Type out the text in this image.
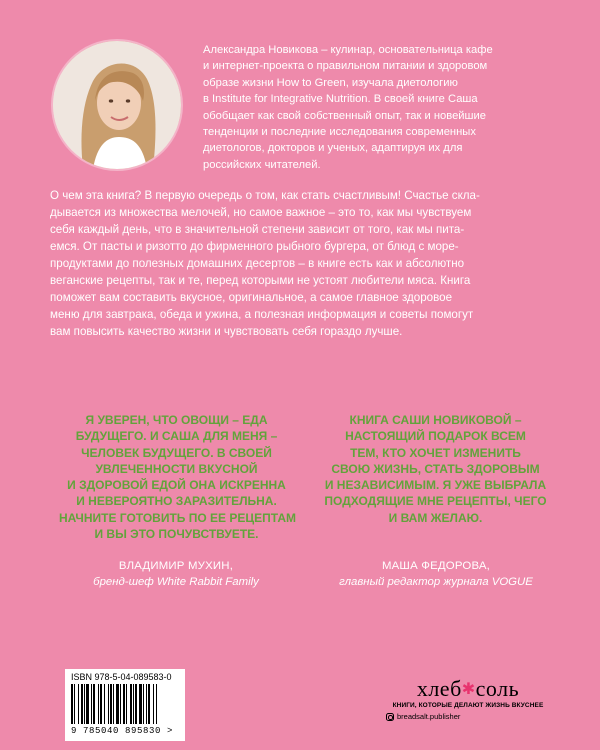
Александра Новикова – кулинар, основательница кафе
и интернет-проекта о правильном питании и здоровом
образе жизни How to Green, изучала диетологию
в Institute for Integrative Nutrition. В своей книге Саша
обобщает как свой собственный опыт, так и новейшие
тенденции и последние исследования современных
диетологов, докторов и ученых, адаптируя их для
российских читателей.

О чем эта книга? В первую очередь о том, как стать счастливым! Счастье скла-
дывается из множества мелочей, но самое важное – это то, как мы чувствуем
себя каждый день, что в значительной степени зависит от того, как мы пита-
емся. От пасты и ризотто до фирменного рыбного бургера, от блюд с море-
продуктами до полезных домашних десертов – в книге есть как и абсолютно
веганские рецепты, так и те, перед которыми не устоят любители мяса. Книга
поможет вам составить вкусное, оригинальное, а самое главное здоровое
меню для завтрака, обеда и ужина, а полезная информация и советы помогут
вам повысить качество жизни и чувствовать себя гораздо лучше.

Я УВЕРЕН, ЧТО ОВОЩИ – ЕДА
БУДУЩЕГО. И САША ДЛЯ МЕНЯ –
ЧЕЛОВЕК БУДУЩЕГО. В СВОЕЙ
УВЛЕЧЕННОСТИ ВКУСНОЙ
И ЗДОРОВОЙ ЕДОЙ ОНА ИСКРЕННА
И НЕВЕРОЯТНО ЗАРАЗИТЕЛЬНА.
НАЧНИТЕ ГОТОВИТЬ ПО ЕЕ РЕЦЕПТАМ
И ВЫ ЭТО ПОЧУВСТВУЕТЕ.

КНИГА САШИ НОВИКОВОЙ –
НАСТОЯЩИЙ ПОДАРОК ВСЕМ
ТЕМ, КТО ХОЧЕТ ИЗМЕНИТЬ
СВОЮ ЖИЗНЬ, СТАТЬ ЗДОРОВЫМ
И НЕЗАВИСИМЫМ. Я УЖЕ ВЫБРАЛА
ПОДХОДЯЩИЕ МНЕ РЕЦЕПТЫ, ЧЕГО
И ВАМ ЖЕЛАЮ.

ВЛАДИМИР МУХИН,
бренд-шеф White Rabbit Family
МАША ФЕДОРОВА,
главный редактор журнала VOGUE
ISBN 978-5-04-089583-0
9 785040 895830 >
хлеб✱соль
КНИГИ, КОТОРЫЕ ДЕЛАЮТ ЖИЗНЬ ВКУСНЕЕ
breadsalt.publisher
